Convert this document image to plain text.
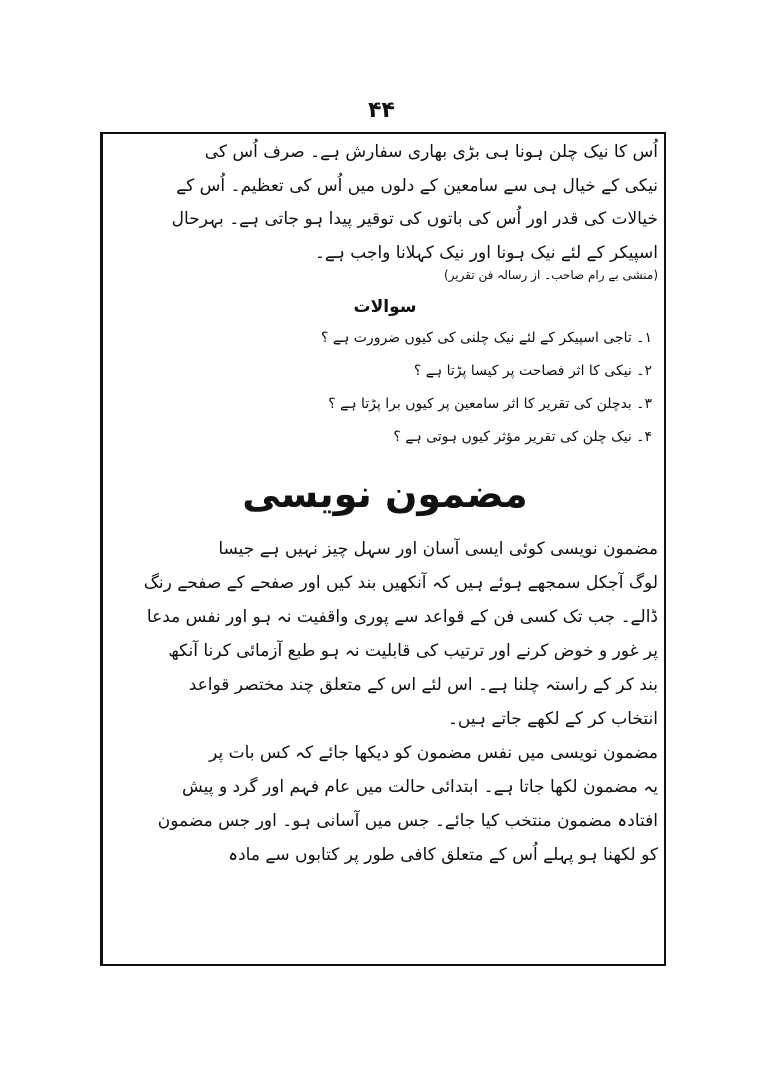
۴۴

اُس کا نیک چلن ہونا ہی بڑی بھاری سفارش ہے۔ صرف اُس کی

نیکی کے خیال ہی سے سامعین کے دلوں میں اُس کی تعظیم۔ اُس کے

خیالات کی قدر اور اُس کی باتوں کی توقیر پیدا ہو جاتی ہے۔ بہرحال

اسپیکر کے لئے نیک ہونا اور نیک کہلانا واجب ہے۔

(منشی بے رام صاحب۔ از رسالہ فن تقریر)

سوالات

۱۔ تاجی اسپیکر کے لئے نیک چلنی کی کیوں ضرورت ہے ؟

۲۔ نیکی کا اثر فصاحت پر کیسا پڑتا ہے ؟

۳۔ بدچلن کی تقریر کا اثر سامعین پر کیوں برا پڑتا ہے ؟

۴۔ نیک چلن کی تقریر مؤثر کیوں ہوتی ہے ؟

مضمون نویسی

مضمون نویسی کوئی ایسی آسان اور سہل چیز نہیں ہے جیسا

لوگ آجکل سمجھے ہوئے ہیں کہ آنکھیں بند کیں اور صفحے کے صفحے رنگ

ڈالے۔ جب تک کسی فن کے قواعد سے پوری واقفیت نہ ہو اور نفس مدعا

پر غور و خوض کرنے اور ترتیب کی قابلیت نہ ہو طبع آزمائی کرنا آنکھ

بند کر کے راستہ چلنا ہے۔ اس لئے اس کے متعلق چند مختصر قواعد

انتخاب کر کے لکھے جاتے ہیں۔

مضمون نویسی میں نفس مضمون کو دیکھا جائے کہ کس بات پر

یہ مضمون لکھا جاتا ہے۔ ابتدائی حالت میں عام فہم اور گرد و پیش

افتادہ مضمون منتخب کیا جائے۔ جس میں آسانی ہو۔ اور جس مضمون

کو لکھنا ہو پہلے اُس کے متعلق کافی طور پر کتابوں سے مادہ
